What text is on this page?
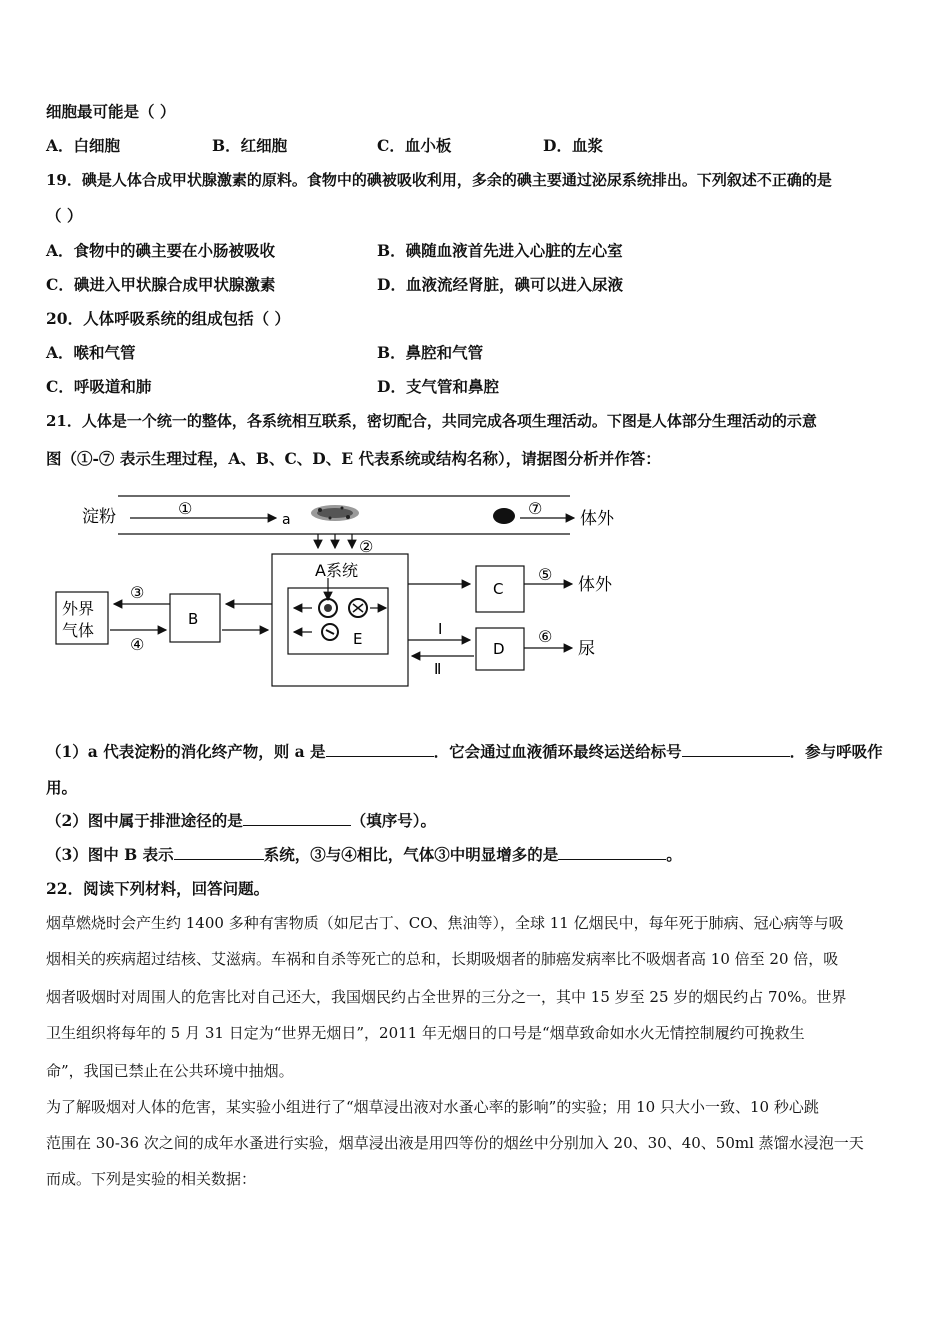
细胞最可能是（ ）
A．白细胞	B．红细胞	C．血小板	D．血浆
19．碘是人体合成甲状腺激素的原料。食物中的碘被吸收利用，多余的碘主要通过泌尿系统排出。下列叙述不正确的是
（ ）
A．食物中的碘主要在小肠被吸收	B．碘随血液首先进入心脏的左心室
C．碘进入甲状腺合成甲状腺激素	D．血液流经肾脏，碘可以进入尿液
20．人体呼吸系统的组成包括（ ）
A．喉和气管	B．鼻腔和气管
C．呼吸道和肺	D．支气管和鼻腔
21．人体是一个统一的整体，各系统相互联系，密切配合，共同完成各项生理活动。下图是人体部分生理活动的示意
图（①-⑦ 表示生理过程，A、B、C、D、E 代表系统或结构名称），请据图分析并作答：
淀粉	①
a
⑦
体外
②
A系统
E
B
外界
气体
③
④
C
⑤
体外
Ⅰ
Ⅱ
D
⑥
尿
（1）a 代表淀粉的消化终产物，则 a 是	．它会通过血液循环最终运送给标号	．参与呼吸作
用。
（2）图中属于排泄途径的是	（填序号）。
（3）图中 B 表示	系统，③与④相比，气体③中明显增多的是	。
22．阅读下列材料，回答问题。
烟草燃烧时会产生约 1400 多种有害物质（如尼古丁、CO、焦油等），全球 11 亿烟民中，每年死于肺病、冠心病等与吸
烟相关的疾病超过结核、艾滋病。车祸和自杀等死亡的总和，长期吸烟者的肺癌发病率比不吸烟者高 10 倍至 20 倍，吸
烟者吸烟时对周围人的危害比对自己还大，我国烟民约占全世界的三分之一，其中 15 岁至 25 岁的烟民约占 70%。世界
卫生组织将每年的 5 月 31 日定为“世界无烟日”，2011 年无烟日的口号是“烟草致命如水火无情控制履约可挽救生
命”，我国已禁止在公共环境中抽烟。
为了解吸烟对人体的危害，某实验小组进行了“烟草浸出液对水蚤心率的影响”的实验；用 10 只大小一致、10 秒心跳
范围在 30-36 次之间的成年水蚤进行实验，烟草浸出液是用四等份的烟丝中分别加入 20、30、40、50ml 蒸馏水浸泡一天
而成。下列是实验的相关数据：
